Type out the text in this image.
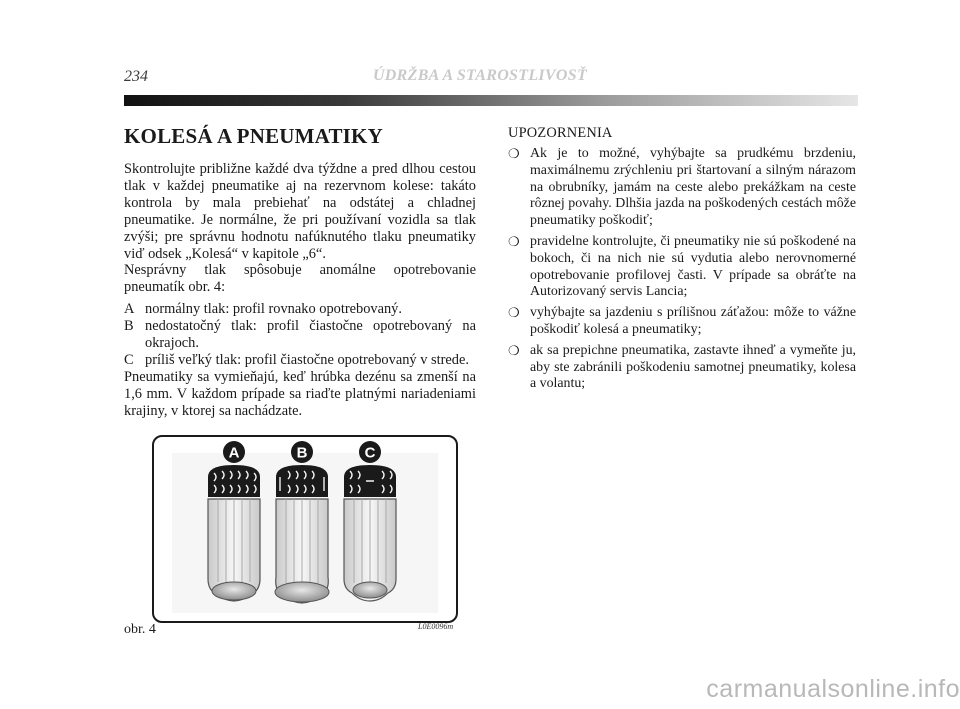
234	ÚDRŽBA A STAROSTLIVOSŤ
KOLESÁ A PNEUMATIKY

Skontrolujte približne každé dva týždne a pred dlhou cestou tlak v každej pneumatike aj na rezervnom kolese: takáto kontrola by mala prebiehať na odstátej a chladnej pneumatike. Je normálne, že pri používaní vozidla sa tlak zvýši; pre správnu hodnotu nafúknutého tlaku pneumatiky viď odsek „Kolesá“ v kapitole „6“.

Nesprávny tlak spôsobuje anomálne opotrebovanie pneumatík obr. 4:

A normálny tlak: profil rovnako opotrebovaný.
B nedostatočný tlak: profil čiastočne opotrebovaný na okrajoch.
C príliš veľký tlak: profil čiastočne opotrebovaný v strede.

Pneumatiky sa vymieňajú, keď hrúbka dezénu sa zmenší na 1,6 mm. V každom prípade sa riaďte platnými nariadeniami krajiny, v ktorej sa nachádzate.

UPOZORNENIA
❍ Ak je to možné, vyhýbajte sa prudkému brzdeniu, maximálnemu zrýchleniu pri štartovaní a silným nárazom na obrubníky, jamám na ceste alebo prekážkam na ceste rôznej povahy. Dlhšia jazda na poškodených cestách môže pneumatiky poškodiť;
❍ pravidelne kontrolujte, či pneumatiky nie sú poškodené na bokoch, či na nich nie sú vydutia alebo nerovnomerné opotrebovanie profilovej časti. V prípade sa obráťte na Autorizovaný servis Lancia;
❍ vyhýbajte sa jazdeniu s prílišnou záťažou: môže to vážne poškodiť kolesá a pneumatiky;
❍ ak sa prepichne pneumatika, zastavte ihneď a vymeňte ju, aby ste zabránili poškodeniu samotnej pneumatiky, kolesa a volantu;
A	B	C
obr. 4	L0E0096m
carmanualsonline.info
